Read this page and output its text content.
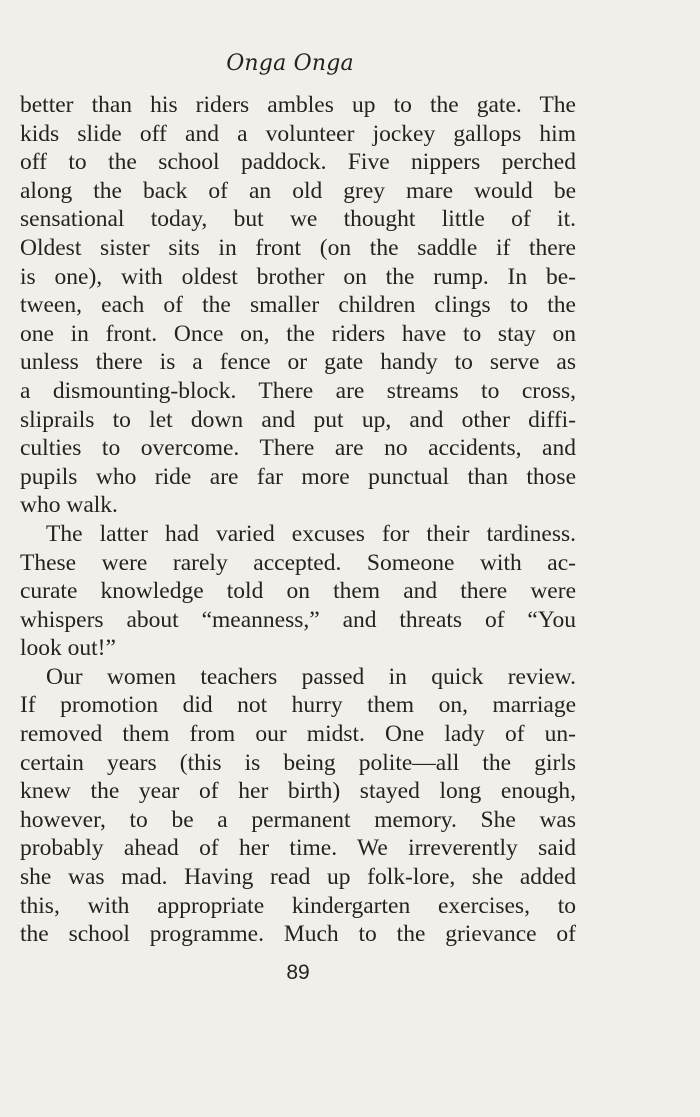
Onga Onga
better than his riders ambles up to the gate. The
kids slide off and a volunteer jockey gallops him
off to the school paddock. Five nippers perched
along the back of an old grey mare would be
sensational today, but we thought little of it.
Oldest sister sits in front (on the saddle if there
is one), with oldest brother on the rump. In be-
tween, each of the smaller children clings to the
one in front. Once on, the riders have to stay on
unless there is a fence or gate handy to serve as
a dismounting-block. There are streams to cross,
sliprails to let down and put up, and other diffi-
culties to overcome. There are no accidents, and
pupils who ride are far more punctual than those
who walk.
The latter had varied excuses for their tardiness.
These were rarely accepted. Someone with ac-
curate knowledge told on them and there were
whispers about “meanness,” and threats of “You
look out!”
Our women teachers passed in quick review.
If promotion did not hurry them on, marriage
removed them from our midst. One lady of un-
certain years (this is being polite—all the girls
knew the year of her birth) stayed long enough,
however, to be a permanent memory. She was
probably ahead of her time. We irreverently said
she was mad. Having read up folk-lore, she added
this, with appropriate kindergarten exercises, to
the school programme. Much to the grievance of
89
